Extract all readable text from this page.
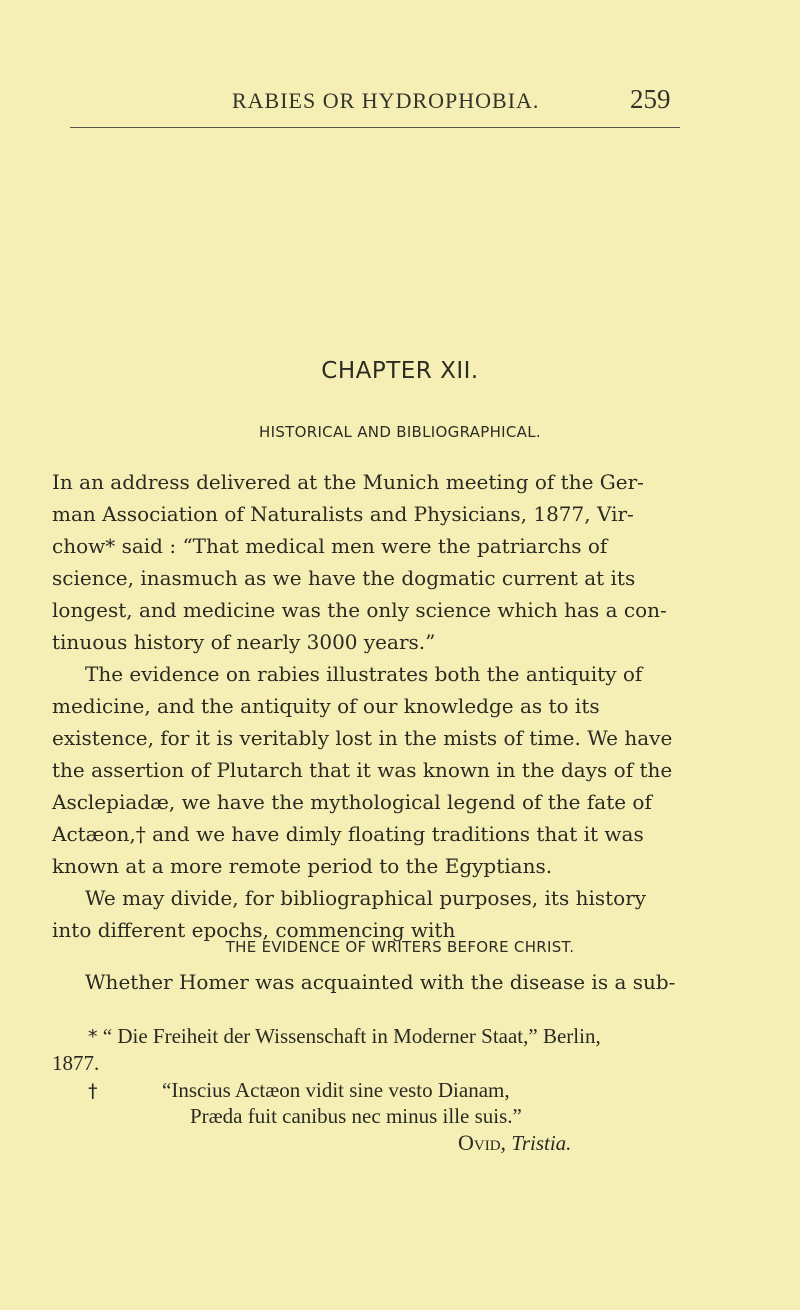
RABIES OR HYDROPHOBIA.	259
CHAPTER XII.
HISTORICAL AND BIBLIOGRAPHICAL.
In an address delivered at the Munich meeting of the Ger-
man Association of Naturalists and Physicians, 1877, Vir-
chow* said : “That medical men were the patriarchs of
science, inasmuch as we have the dogmatic current at its
longest, and medicine was the only science which has a con-
tinuous history of nearly 3000 years.”
The evidence on rabies illustrates both the antiquity of
medicine, and the antiquity of our knowledge as to its
existence, for it is veritably lost in the mists of time. We have
the assertion of Plutarch that it was known in the days of the
Asclepiadæ, we have the mythological legend of the fate of
Actæon,† and we have dimly floating traditions that it was
known at a more remote period to the Egyptians.
We may divide, for bibliographical purposes, its history
into different epochs, commencing with
THE EVIDENCE OF WRITERS BEFORE CHRIST.
Whether Homer was acquainted with the disease is a sub-
* “ Die Freiheit der Wissenschaft in Moderner Staat,” Berlin,
1877.
†	“Inscius Actæon vidit sine vesto Dianam,
Præda fuit canibus nec minus ille suis.”
Ovid, Tristia.
